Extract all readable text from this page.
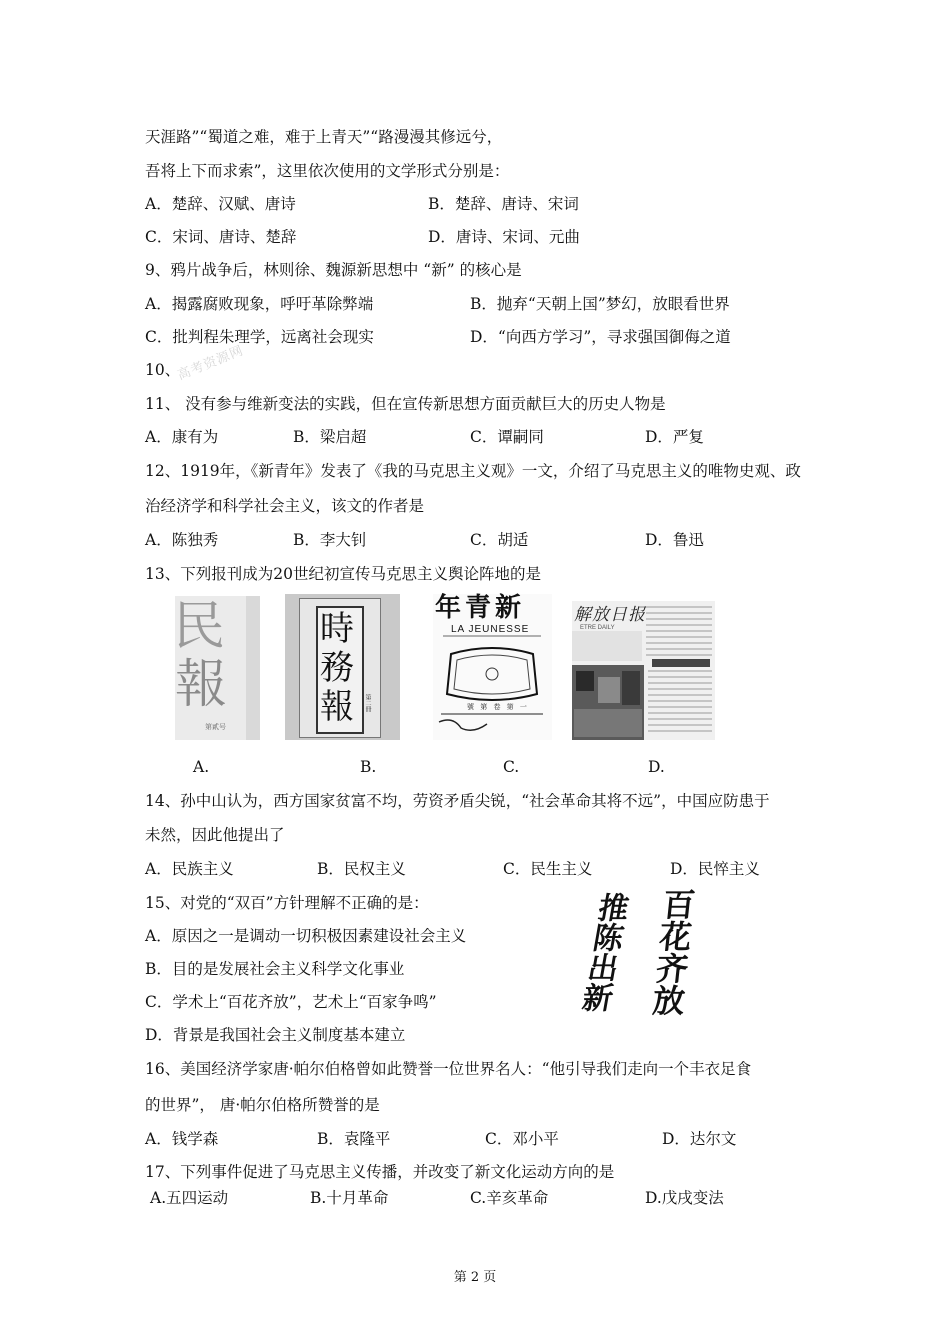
天涯路”“蜀道之难，难于上青天”“路漫漫其修远兮，
吾将上下而求索”，这里依次使用的文学形式分别是：
A．楚辞、汉赋、唐诗	B．楚辞、唐诗、宋词
C．宋词、唐诗、楚辞	D．唐诗、宋词、元曲
9、鸦片战争后，林则徐、魏源新思想中 “新” 的核心是
A．揭露腐败现象，呼吁革除弊端	B．抛弃“天朝上国”梦幻，放眼看世界
C．批判程朱理学，远离社会现实	D．“向西方学习”，寻求强国御侮之道
10、
高考资源网
11、 没有参与维新变法的实践，但在宣传新思想方面贡献巨大的历史人物是
A．康有为	B．梁启超	C．谭嗣同	D．严复
12、1919年，《新青年》发表了《我的马克思主义观》一文，介绍了马克思主义的唯物史观、政
治经济学和科学社会主义，该文的作者是
A．陈独秀	B．李大钊	C．胡适	D．鲁迅
13、下列报刊成为20世纪初宣传马克思主义舆论阵地的是
民
報
第貳号
時
務
報 第二冊
年青新
LA JEUNESSE
號 第 卷 第 一
解放日报
ETRE DAILY
A.	B.	C.	D.
14、孙中山认为，西方国家贫富不均，劳资矛盾尖锐，“社会革命其将不远”，中国应防患于
未然，因此他提出了
A．民族主义	B．民权主义	C．民生主义	D．民悴主义
15、对党的“双百”方针理解不正确的是：
A．原因之一是调动一切积极因素建设社会主义
B．目的是发展社会主义科学文化事业
C．学术上“百花齐放”，艺术上“百家争鸣”
D．背景是我国社会主义制度基本建立
百花齐放
推陈出新
16、美国经济学家唐·帕尔伯格曾如此赞誉一位世界名人：“他引导我们走向一个丰衣足食
的世界”， 唐·帕尔伯格所赞誉的是
A．钱学森	B．袁隆平	C．邓小平	D．达尔文
17、下列事件促进了马克思主义传播，并改变了新文化运动方向的是
A.五四运动	B.十月革命	C.辛亥革命	D.戊戌变法
第 2 页
